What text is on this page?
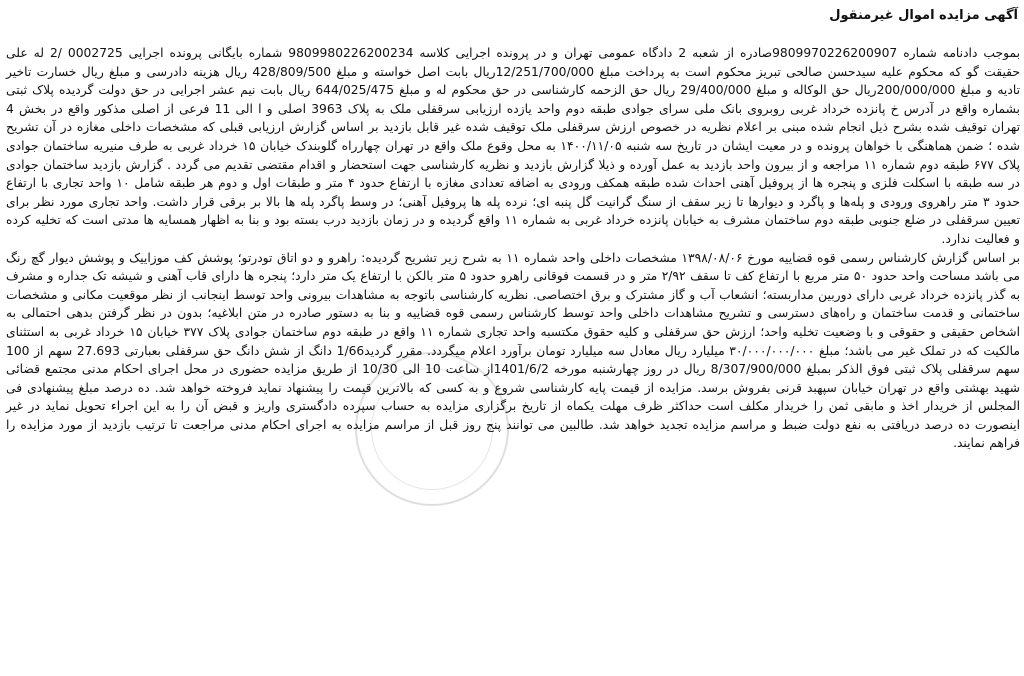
آگهی مزایده اموال غیرمنقول

بموجب دادنامه شماره 9809970226200907صادره از شعبه 2 دادگاه عمومی تهران و در پرونده اجرایی کلاسه 9809980226200234 شماره بایگانی پرونده اجرایی 0002725 /2 له علی حقیقت گو که محکوم علیه سیدحسن صالحی تبریز محکوم است به پرداخت مبلغ 12/251/700/000ریال بابت اصل خواسته و مبلغ 428/809/500 ریال هزینه دادرسی و مبلغ ریال خسارت تاخیر تادیه و مبلغ 200/000/000ریال حق الوکاله و مبلغ 29/400/000 ریال حق الزحمه کارشناسی در حق محکوم له و مبلغ 644/025/475 ریال بابت نیم عشر اجرایی در حق دولت گردیده پلاک ثبتی بشماره واقع در آدرس خ پانزده خرداد غربی روبروی بانک ملی سرای جوادی طبقه دوم واحد یازده ارزیابی سرقفلی ملک به پلاک 3963 اصلی و ا الی 11 فرعی از اصلی مذکور واقع در بخش 4 تهران توقیف شده بشرح ذیل انجام شده مبنی بر اعلام نظریه در خصوص ارزش سرقفلی ملک توقیف شده غیر قابل بازدید بر اساس گزارش ارزیابی قبلی که مشخصات داخلی مغازه در آن تشریح شده ؛ ضمن هماهنگی با خواهان پرونده و در معیت ایشان در تاریخ سه شنبه ۱۴۰۰/۱۱/۰۵ به محل وقوع ملک واقع در تهران چهارراه گلوبندک خیابان ۱۵ خرداد غربی به طرف منیریه ساختمان جوادی پلاک ۶۷۷ طبقه دوم شماره ۱۱ مراجعه و از بیرون واحد بازدید به عمل آورده و ذیلا گزارش بازدید و نظریه کارشناسی جهت استحضار و اقدام مقتضی تقدیم می گردد . گزارش بازدید ساختمان جوادی در سه طبقه با اسکلت فلزی و پنجره ها از پروفیل آهنی احداث شده طبقه همکف ورودی به اضافه تعدادی مغازه با ارتفاع حدود ۴ متر و طبقات اول و دوم هر طبقه شامل ۱۰ واحد تجاری با ارتفاع حدود ۳ متر راهروی ورودی و پله‌ها و پاگرد و دیوارها تا زیر سقف از سنگ گرانیت گل پنبه ای؛ نرده پله ها پروفیل آهنی؛ در وسط پاگرد پله ها بالا بر برقی قرار داشت. واحد تجاری مورد نظر برای تعیین سرقفلی در ضلع جنوبی طبقه دوم ساختمان مشرف به خیابان پانزده خرداد غربی به شماره ۱۱ واقع گردیده و در زمان بازدید درب بسته بود و بنا به اظهار همسایه ها مدتی است که تخلیه کرده و فعالیت ندارد.

بر اساس گزارش کارشناس رسمی قوه قضاییه مورخ ۱۳۹۸/۰۸/۰۶ مشخصات داخلی واحد شماره ۱۱ به شرح زیر تشریح گردیده: راهرو و دو اتاق تودرتو؛ پوشش کف موزاییک و پوشش دیوار گچ رنگ می باشد مساحت واحد حدود ۵۰ متر مربع با ارتفاع کف تا سقف ۲/۹۲ متر و در قسمت فوقانی راهرو حدود ۵ متر بالکن با ارتفاع یک متر دارد؛ پنجره ها دارای قاب آهنی و شیشه تک جداره و مشرف به گذر پانزده خرداد غربی دارای دوربین مداربسته؛ انشعاب آب و گاز مشترک و برق اختصاصی. نظریه کارشناسی باتوجه به مشاهدات بیرونی واحد توسط اینجانب از نظر موقعیت مکانی و مشخصات ساختمانی و قدمت ساختمان و راه‌های دسترسی و تشریح مشاهدات داخلی واحد توسط کارشناس رسمی قوه قضاییه و بنا به دستور صادره در متن ابلاغیه؛ بدون در نظر گرفتن بدهی احتمالی به اشخاص حقیقی و حقوقی و با وضعیت تخلیه واحد؛ ارزش حق سرقفلی و کلیه حقوق مکتسبه واحد تجاری شماره ۱۱ واقع در طبقه دوم ساختمان جوادی پلاک ۳۷۷ خیابان ۱۵ خرداد غربی به استثنای مالکیت که در تملک غیر می باشد؛ مبلغ ۳۰/۰۰۰/۰۰۰/۰۰۰ میلیارد ریال معادل سه میلیارد تومان برآورد اعلام میگردد. مقرر گردید1/66 دانگ از شش دانگ حق سرقفلی بعبارتی 27.693 سهم از 100 سهم سرقفلی پلاک ثبتی فوق الذکر بمبلغ 8/307/900/000 ریال در روز چهارشنبه مورخه 1401/6/2از ساعت 10 الی 10/30 از طریق مزایده حضوری در محل اجرای احکام مدنی مجتمع قضائی شهید بهشتی واقع در تهران خیابان سپهبد قرنی بفروش برسد. مزایده از قیمت پایه کارشناسی شروع و به کسی که بالاترین قیمت را پیشنهاد نماید فروخته خواهد شد. ده درصد مبلغ پیشنهادی فی المجلس از خریدار اخذ و مابقی ثمن را خریدار مکلف است حداکثر ظرف مهلت یکماه از تاریخ برگزاری مزایده به حساب سپرده دادگستری واریز و قبض آن را به این اجراء تحویل نماید در غیر اینصورت ده درصد دریافتی به نفع دولت ضبط و مراسم مزایده تجدید خواهد شد. طالبین می توانند پنج روز قبل از مراسم مزایده به اجرای احکام مدنی مراجعت تا ترتیب بازدید از مورد مزایده را فراهم نمایند.
